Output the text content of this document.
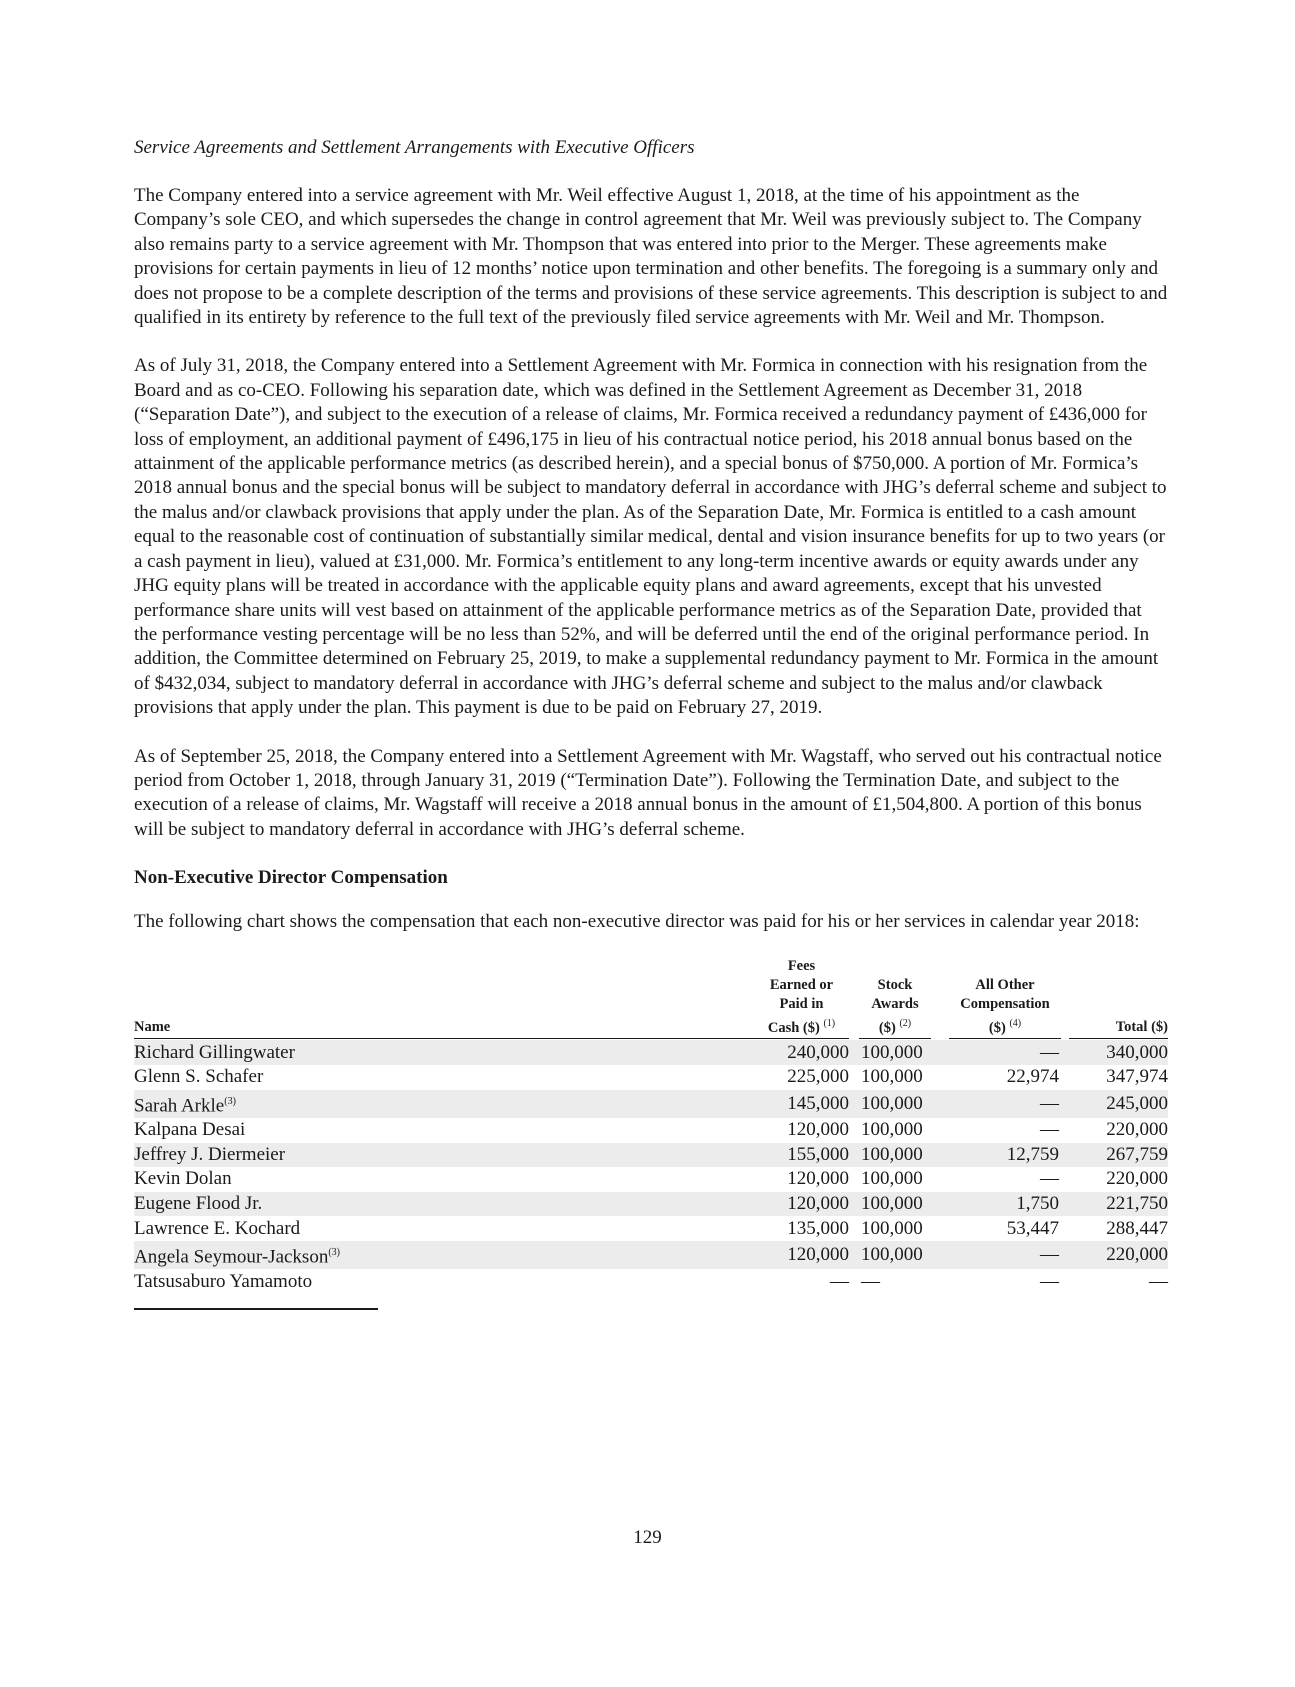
Service Agreements and Settlement Arrangements with Executive Officers

The Company entered into a service agreement with Mr. Weil effective August 1, 2018, at the time of his appointment as the Company’s sole CEO, and which supersedes the change in control agreement that Mr. Weil was previously subject to. The Company also remains party to a service agreement with Mr. Thompson that was entered into prior to the Merger. These agreements make provisions for certain payments in lieu of 12 months’ notice upon termination and other benefits. The foregoing is a summary only and does not propose to be a complete description of the terms and provisions of these service agreements. This description is subject to and qualified in its entirety by reference to the full text of the previously filed service agreements with Mr. Weil and Mr. Thompson.

As of July 31, 2018, the Company entered into a Settlement Agreement with Mr. Formica in connection with his resignation from the Board and as co-CEO. Following his separation date, which was defined in the Settlement Agreement as December 31, 2018 (“Separation Date”), and subject to the execution of a release of claims, Mr. Formica received a redundancy payment of £436,000 for loss of employment, an additional payment of £496,175 in lieu of his contractual notice period, his 2018 annual bonus based on the attainment of the applicable performance metrics (as described herein), and a special bonus of $750,000. A portion of Mr. Formica’s 2018 annual bonus and the special bonus will be subject to mandatory deferral in accordance with JHG’s deferral scheme and subject to the malus and/or clawback provisions that apply under the plan. As of the Separation Date, Mr. Formica is entitled to a cash amount equal to the reasonable cost of continuation of substantially similar medical, dental and vision insurance benefits for up to two years (or a cash payment in lieu), valued at £31,000. Mr. Formica’s entitlement to any long-term incentive awards or equity awards under any JHG equity plans will be treated in accordance with the applicable equity plans and award agreements, except that his unvested performance share units will vest based on attainment of the applicable performance metrics as of the Separation Date, provided that the performance vesting percentage will be no less than 52%, and will be deferred until the end of the original performance period. In addition, the Committee determined on February 25, 2019, to make a supplemental redundancy payment to Mr. Formica in the amount of $432,034, subject to mandatory deferral in accordance with JHG’s deferral scheme and subject to the malus and/or clawback provisions that apply under the plan. This payment is due to be paid on February 27, 2019.

As of September 25, 2018, the Company entered into a Settlement Agreement with Mr. Wagstaff, who served out his contractual notice period from October 1, 2018, through January 31, 2019 (“Termination Date”). Following the Termination Date, and subject to the execution of a release of claims, Mr. Wagstaff will receive a 2018 annual bonus in the amount of £1,504,800. A portion of this bonus will be subject to mandatory deferral in accordance with JHG’s deferral scheme.

Non-Executive Director Compensation

The following chart shows the compensation that each non-executive director was paid for his or her services in calendar year 2018:

Name	Fees
Earned or
Paid in
Cash ($) $^{(1)}$	Stock
Awards
($) $^{(2)}$	All Other
Compensation
($) $^{(4)}$	Total ($)

Richard Gillingwater	240,000	100,000	—	340,000
Glenn S. Schafer	225,000	100,000	22,974	347,974
Sarah Arkle$^{(3)}$	145,000	100,000	—	245,000
Kalpana Desai	120,000	100,000	—	220,000
Jeffrey J. Diermeier	155,000	100,000	12,759	267,759
Kevin Dolan	120,000	100,000	—	220,000
Eugene Flood Jr.	120,000	100,000	1,750	221,750
Lawrence E. Kochard	135,000	100,000	53,447	288,447
Angela Seymour-Jackson$^{(3)}$	120,000	100,000	—	220,000
Tatsusaburo Yamamoto	—	—	—	—
129
